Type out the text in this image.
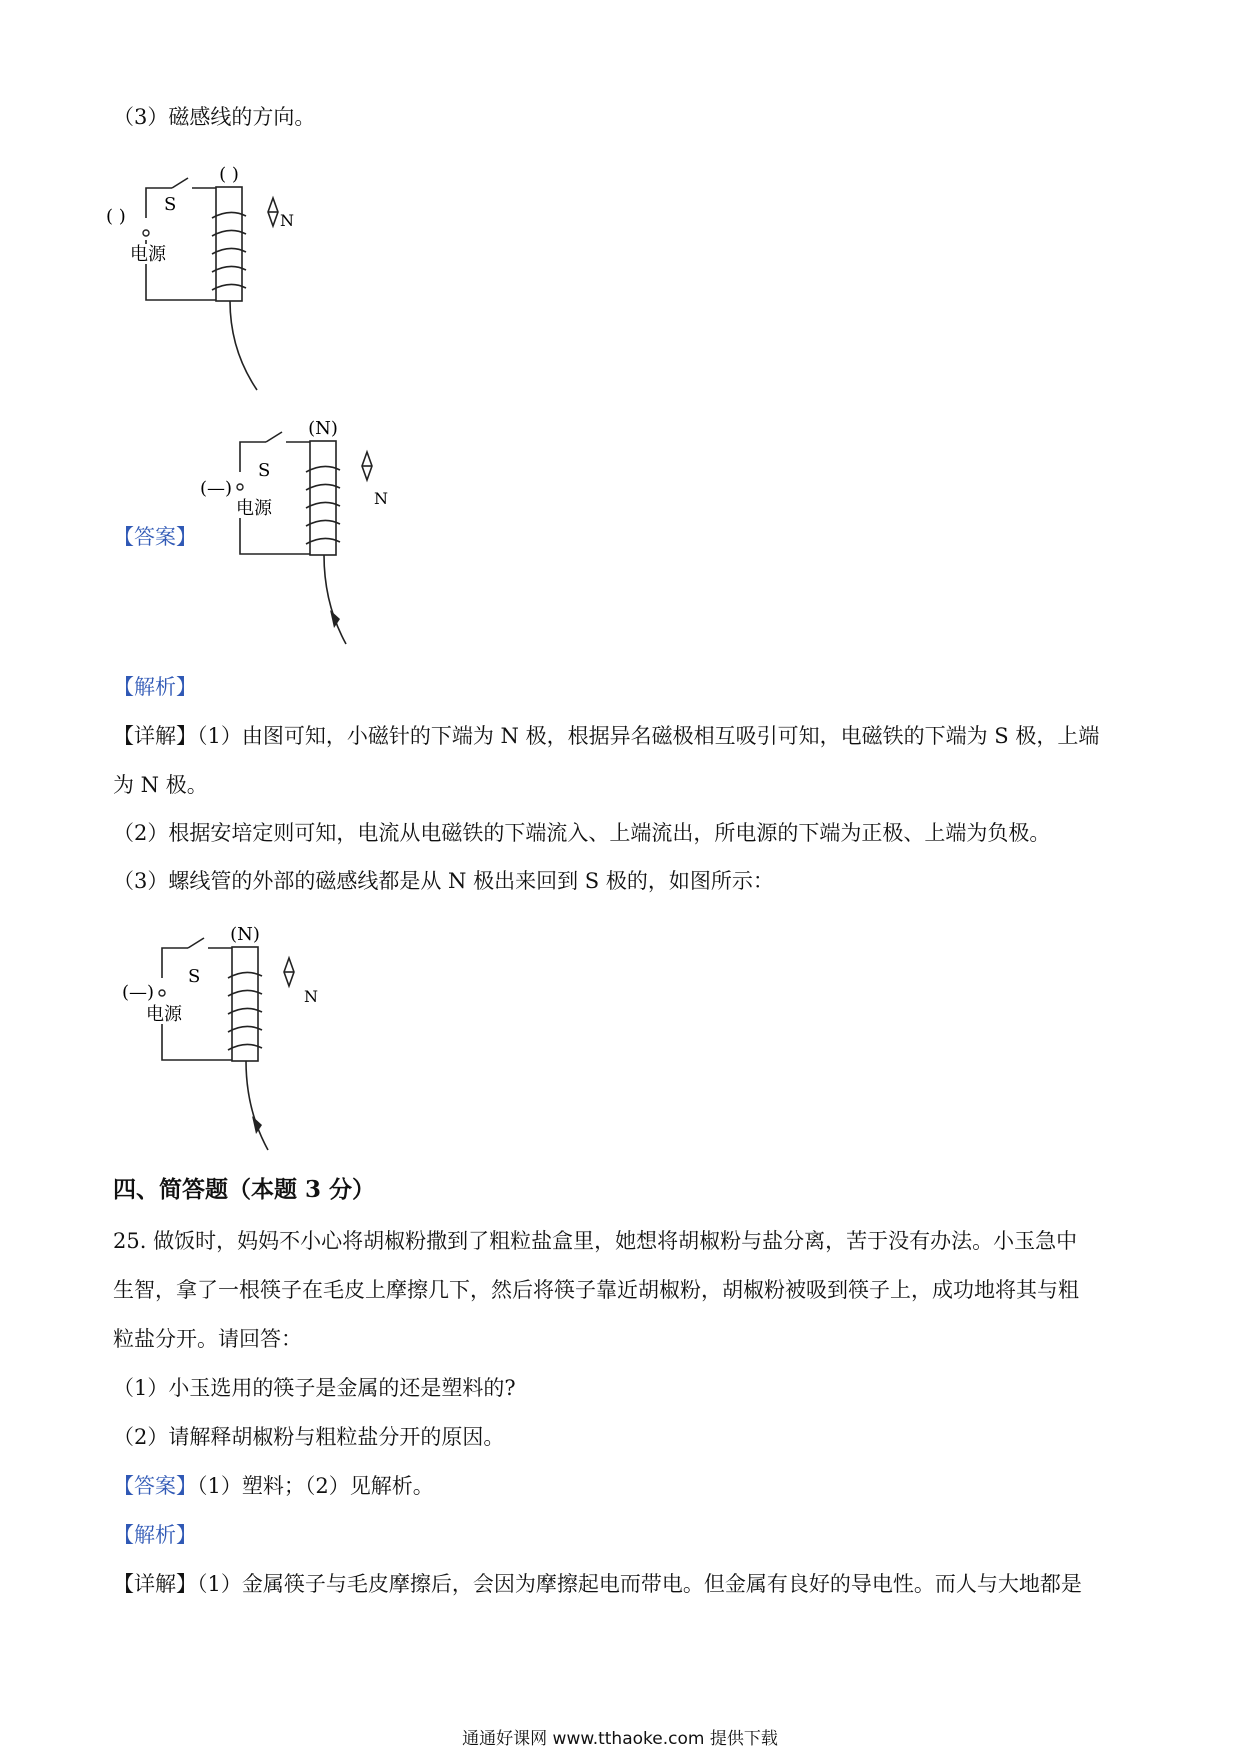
（3）磁感线的方向。
( )
( )
S
电源
N
【答案】
(N)
(—)
S
电源	N
【解析】
【详解】（1）由图可知，小磁针的下端为 N 极，根据异名磁极相互吸引可知，电磁铁的下端为 S 极，上端
为 N 极。
（2）根据安培定则可知，电流从电磁铁的下端流入、上端流出，所电源的下端为正极、上端为负极。
（3）螺线管的外部的磁感线都是从 N 极出来回到 S 极的，如图所示：
(N)
(—)
S
电源
N
四、简答题（本题 3 分）
25. 做饭时，妈妈不小心将胡椒粉撒到了粗粒盐盒里，她想将胡椒粉与盐分离，苦于没有办法。小玉急中
生智，拿了一根筷子在毛皮上摩擦几下，然后将筷子靠近胡椒粉，胡椒粉被吸到筷子上，成功地将其与粗
粒盐分开。请回答：
（1）小玉选用的筷子是金属的还是塑料的?
（2）请解释胡椒粉与粗粒盐分开的原因。
【答案】（1）塑料；（2）见解析。
【解析】
【详解】（1）金属筷子与毛皮摩擦后，会因为摩擦起电而带电。但金属有良好的导电性。而人与大地都是
通通好课网 www.tthaoke.com 提供下载
